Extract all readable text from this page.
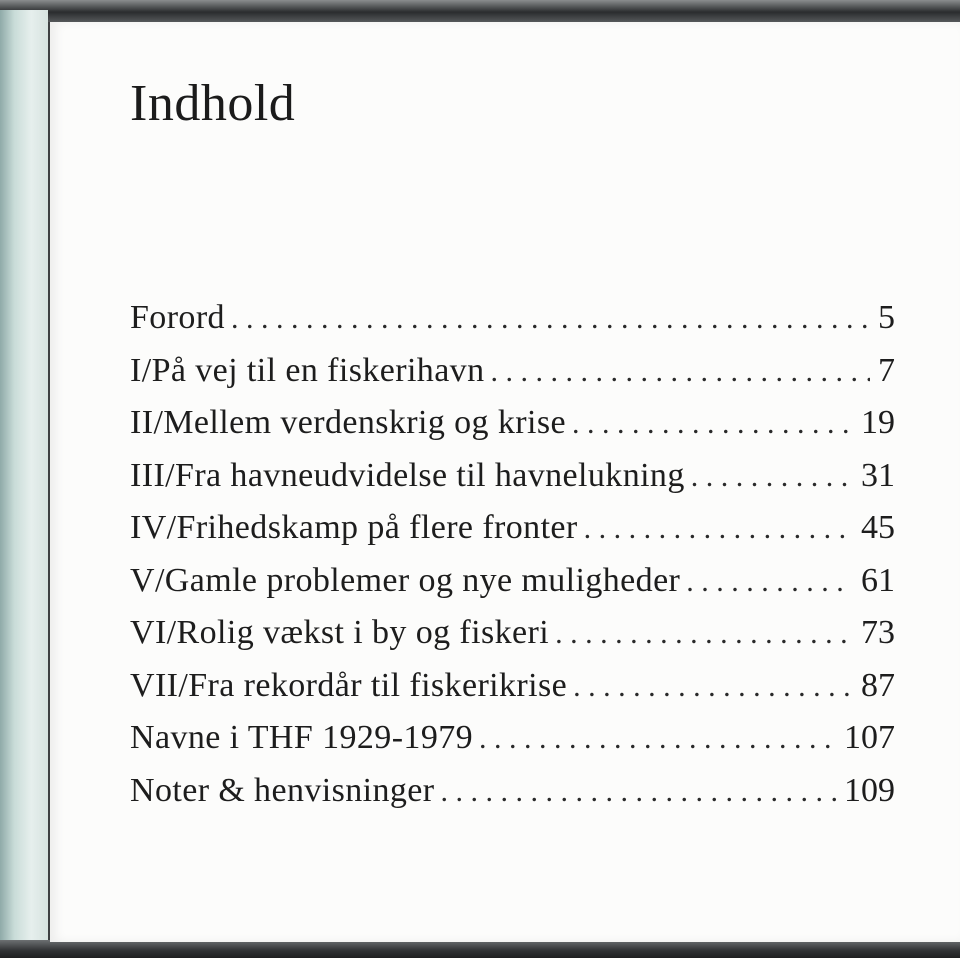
Indhold
Forord . . .	5
I/På vej til en fiskerihavn . . .	7
II/Mellem verdenskrig og krise . . .	19
III/Fra havneudvidelse til havnelukning . . .	31
IV/Frihedskamp på flere fronter . . .	45
V/Gamle problemer og nye muligheder . . .	61
VI/Rolig vækst i by og fiskeri . . .	73
VII/Fra rekordår til fiskerikrise . . .	87
Navne i THF 1929-1979 . . .	107
Noter & henvisninger . . .	109
